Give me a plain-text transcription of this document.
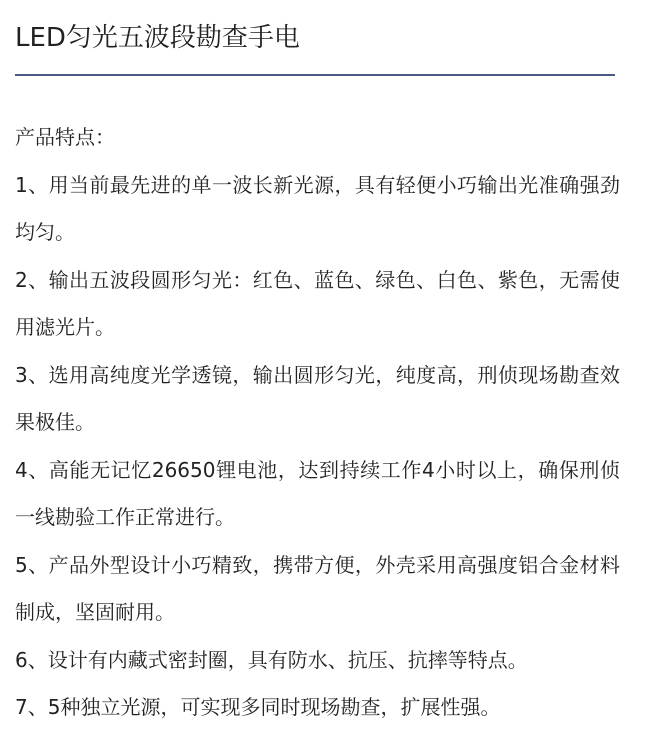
LED匀光五波段勘查手电

产品特点：

1、用当前最先进的单一波长新光源，具有轻便小巧输出光准确强劲均匀。
2、输出五波段圆形匀光：红色、蓝色、绿色、白色、紫色，无需使用滤光片。
3、选用高纯度光学透镜，输出圆形匀光，纯度高，刑侦现场勘查效果极佳。
4、高能无记忆26650锂电池，达到持续工作4小时以上，确保刑侦一线勘验工作正常进行。
5、产品外型设计小巧精致，携带方便，外壳采用高强度铝合金材料制成，坚固耐用。
6、设计有内藏式密封圈，具有防水、抗压、抗摔等特点。
7、5种独立光源，可实现多同时现场勘查，扩展性强。
